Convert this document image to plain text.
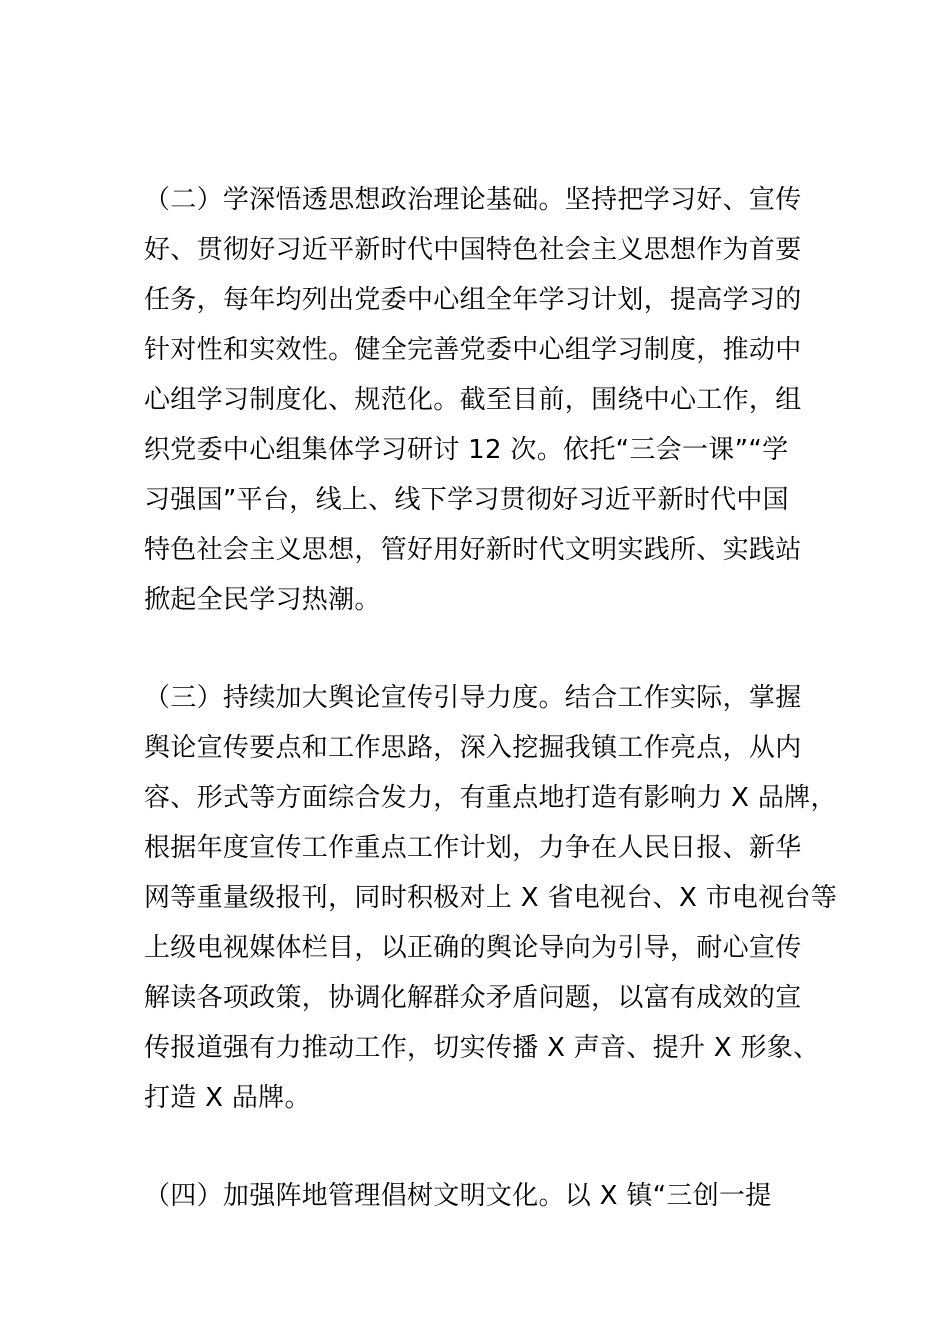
（二）学深悟透思想政治理论基础。坚持把学习好、宣传
好、贯彻好习近平新时代中国特色社会主义思想作为首要
任务，每年均列出党委中心组全年学习计划，提高学习的
针对性和实效性。健全完善党委中心组学习制度，推动中
心组学习制度化、规范化。截至目前，围绕中心工作，组
织党委中心组集体学习研讨 12 次。依托“三会一课”“学
习强国”平台，线上、线下学习贯彻好习近平新时代中国
特色社会主义思想，管好用好新时代文明实践所、实践站
掀起全民学习热潮。
（三）持续加大舆论宣传引导力度。结合工作实际，掌握
舆论宣传要点和工作思路，深入挖掘我镇工作亮点，从内
容、形式等方面综合发力，有重点地打造有影响力 X 品牌，
根据年度宣传工作重点工作计划，力争在人民日报、新华
网等重量级报刊，同时积极对上 X 省电视台、X 市电视台等
上级电视媒体栏目，以正确的舆论导向为引导，耐心宣传
解读各项政策，协调化解群众矛盾问题，以富有成效的宣
传报道强有力推动工作，切实传播 X 声音、提升 X 形象、
打造 X 品牌。
（四）加强阵地管理倡树文明文化。以 X 镇“三创一提
